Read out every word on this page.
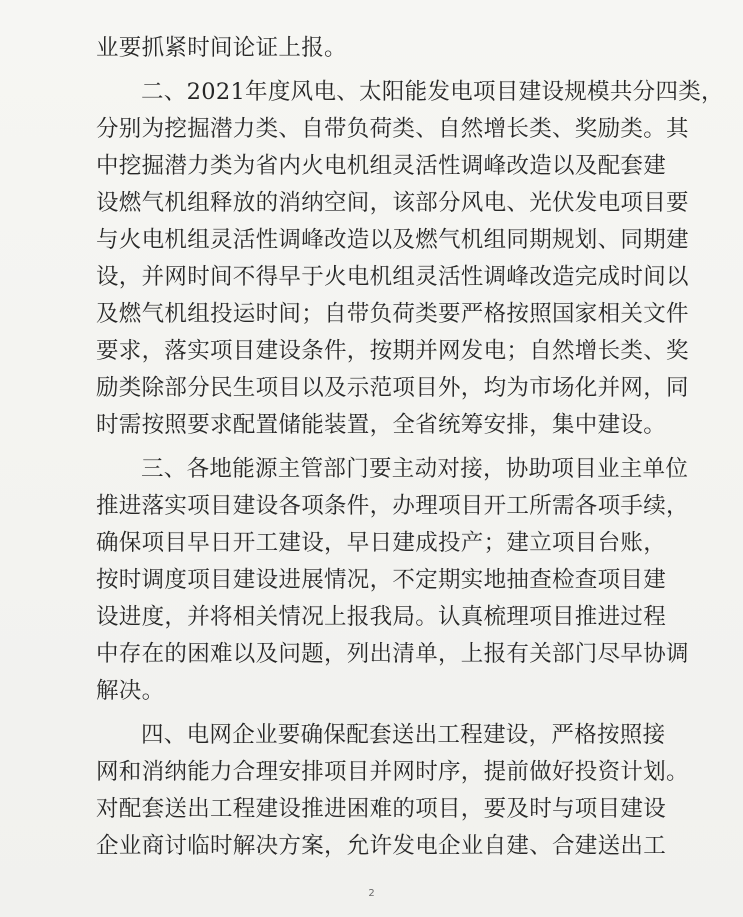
业要抓紧时间论证上报。
二、2021年度风电、太阳能发电项目建设规模共分四类，
分别为挖掘潜力类、自带负荷类、自然增长类、奖励类。其
中挖掘潜力类为省内火电机组灵活性调峰改造以及配套建
设燃气机组释放的消纳空间，该部分风电、光伏发电项目要
与火电机组灵活性调峰改造以及燃气机组同期规划、同期建
设，并网时间不得早于火电机组灵活性调峰改造完成时间以
及燃气机组投运时间；自带负荷类要严格按照国家相关文件
要求，落实项目建设条件，按期并网发电；自然增长类、奖
励类除部分民生项目以及示范项目外，均为市场化并网，同
时需按照要求配置储能装置，全省统筹安排，集中建设。
三、各地能源主管部门要主动对接，协助项目业主单位
推进落实项目建设各项条件，办理项目开工所需各项手续，
确保项目早日开工建设，早日建成投产；建立项目台账，
按时调度项目建设进展情况，不定期实地抽查检查项目建
设进度，并将相关情况上报我局。认真梳理项目推进过程
中存在的困难以及问题，列出清单，上报有关部门尽早协调
解决。
四、电网企业要确保配套送出工程建设，严格按照接
网和消纳能力合理安排项目并网时序，提前做好投资计划。
对配套送出工程建设推进困难的项目，要及时与项目建设
企业商讨临时解决方案，允许发电企业自建、合建送出工
2
